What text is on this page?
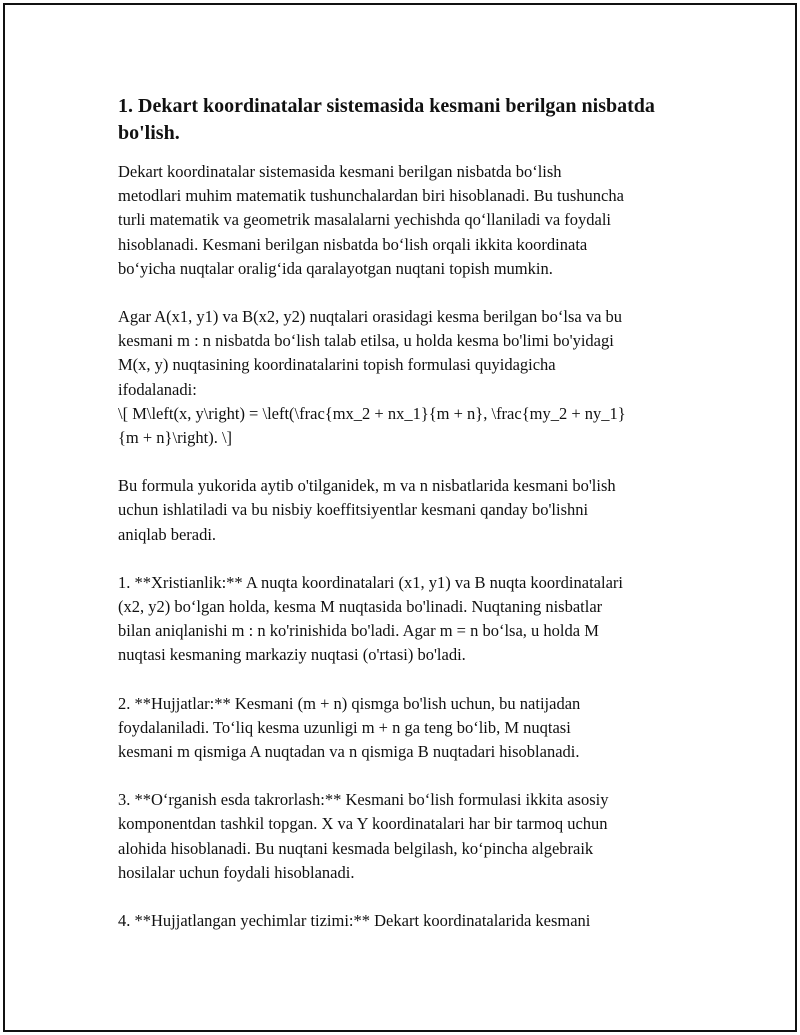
1. Dekart koordinatalar sistemasida kesmani berilgan nisbatda bo'lish.

Dekart koordinatalar sistemasida kesmani berilgan nisbatda bo‘lish
metodlari muhim matematik tushunchalardan biri hisoblanadi. Bu tushuncha
turli matematik va geometrik masalalarni yechishda qo‘llaniladi va foydali
hisoblanadi. Kesmani berilgan nisbatda bo‘lish orqali ikkita koordinata
bo‘yicha nuqtalar oralig‘ida qaralayotgan nuqtani topish mumkin.

Agar A(x1, y1) va B(x2, y2) nuqtalari orasidagi kesma berilgan bo‘lsa va bu
kesmani m : n nisbatda bo‘lish talab etilsa, u holda kesma bo'limi bo'yidagi
M(x, y) nuqtasining koordinatalarini topish formulasi quyidagicha
ifodalanadi:
\[ M\left(x, y\right) = \left(\frac{mx_2 + nx_1}{m + n}, \frac{my_2 + ny_1}
{m + n}\right). \]

Bu formula yukorida aytib o'tilganidek, m va n nisbatlarida kesmani bo'lish
uchun ishlatiladi va bu nisbiy koeffitsiyentlar kesmani qanday bo'lishni
aniqlab beradi.

1. **Xristianlik:** A nuqta koordinatalari (x1, y1) va B nuqta koordinatalari
(x2, y2) bo‘lgan holda, kesma M nuqtasida bo'linadi. Nuqtaning nisbatlar
bilan aniqlanishi m : n ko'rinishida bo'ladi. Agar m = n bo‘lsa, u holda M
nuqtasi kesmaning markaziy nuqtasi (o'rtasi) bo'ladi.

2. **Hujjatlar:** Kesmani (m + n) qismga bo'lish uchun, bu natijadan
foydalaniladi. To‘liq kesma uzunligi m + n ga teng bo‘lib, M nuqtasi
kesmani m qismiga A nuqtadan va n qismiga B nuqtadari hisoblanadi.

3. **O‘rganish esda takrorlash:** Kesmani bo‘lish formulasi ikkita asosiy
komponentdan tashkil topgan. X va Y koordinatalari har bir tarmoq uchun
alohida hisoblanadi. Bu nuqtani kesmada belgilash, ko‘pincha algebraik
hosilalar uchun foydali hisoblanadi.

4. **Hujjatlangan yechimlar tizimi:** Dekart koordinatalarida kesmani
